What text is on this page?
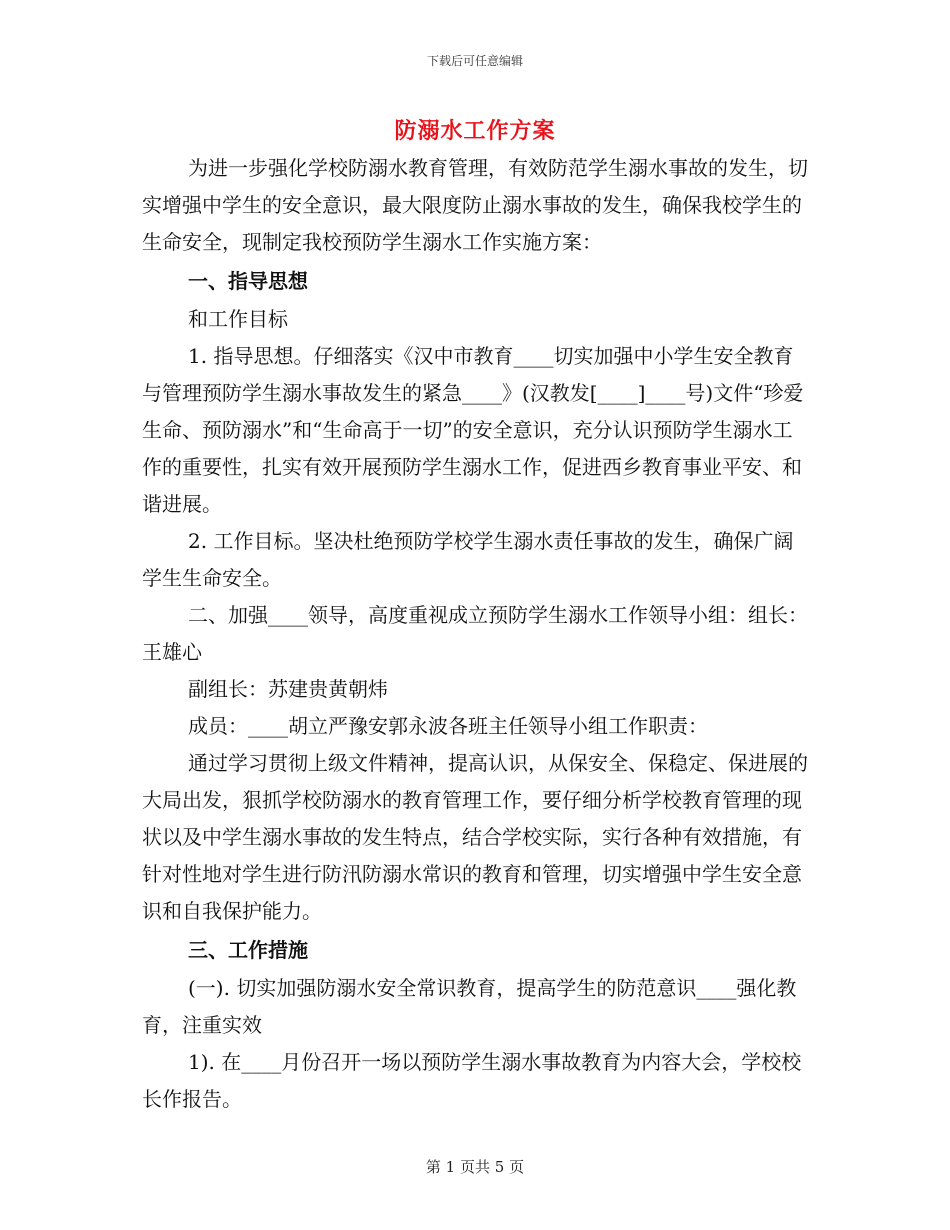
下载后可任意编辑
防溺水工作方案

为进一步强化学校防溺水教育管理，有效防范学生溺水事故的发生，切实增强中学生的安全意识，最大限度防止溺水事故的发生，确保我校学生的生命安全，现制定我校预防学生溺水工作实施方案：

一、指导思想

和工作目标

1. 指导思想。仔细落实《汉中市教育____切实加强中小学生安全教育与管理预防学生溺水事故发生的紧急____》(汉教发[____]____号)文件“珍爱生命、预防溺水”和“生命高于一切”的安全意识，充分认识预防学生溺水工作的重要性，扎实有效开展预防学生溺水工作，促进西乡教育事业平安、和谐进展。

2. 工作目标。坚决杜绝预防学校学生溺水责任事故的发生，确保广阔学生生命安全。

二、加强____领导，高度重视成立预防学生溺水工作领导小组：组长：王雄心

副组长：苏建贵黄朝炜

成员：____胡立严豫安郭永波各班主任领导小组工作职责：

通过学习贯彻上级文件精神，提高认识，从保安全、保稳定、保进展的大局出发，狠抓学校防溺水的教育管理工作，要仔细分析学校教育管理的现状以及中学生溺水事故的发生特点，结合学校实际，实行各种有效措施，有针对性地对学生进行防汛防溺水常识的教育和管理，切实增强中学生安全意识和自我保护能力。

三、工作措施

(一). 切实加强防溺水安全常识教育，提高学生的防范意识____强化教育，注重实效

1). 在____月份召开一场以预防学生溺水事故教育为内容大会，学校校长作报告。

第 1 页共 5 页
